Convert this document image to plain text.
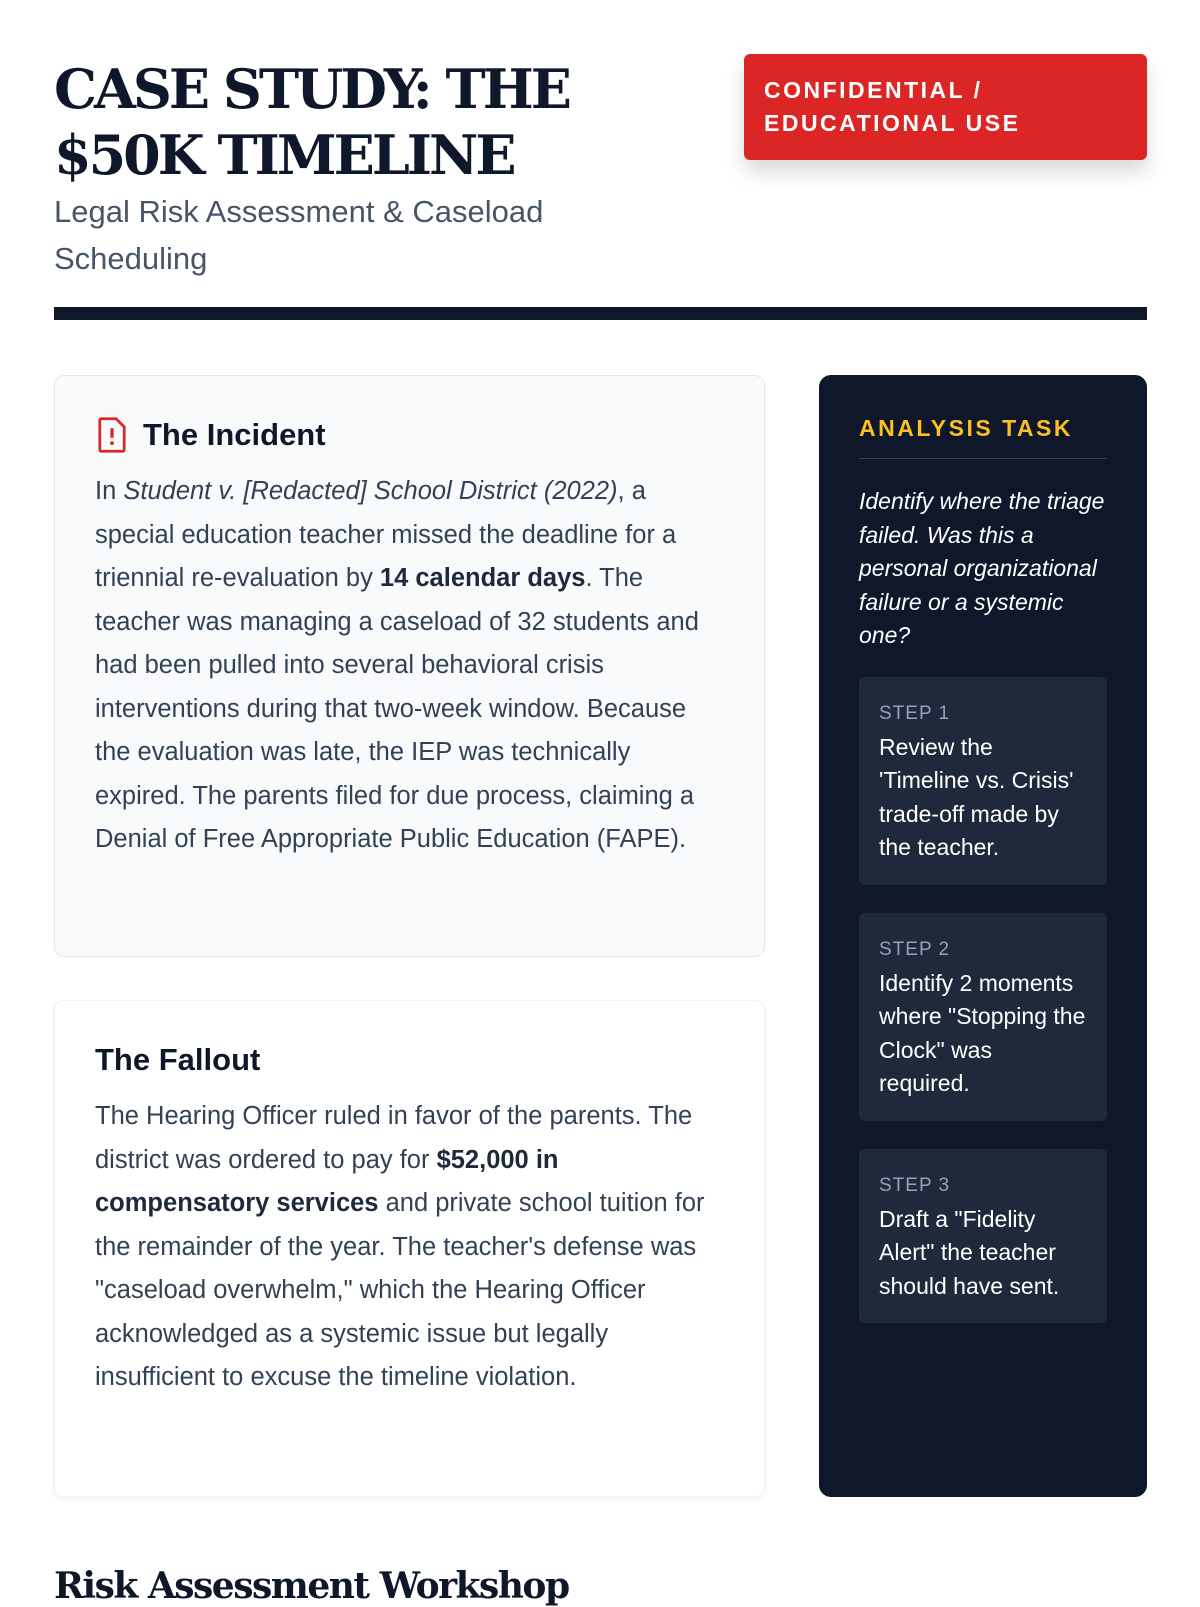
CASE STUDY: THE $50K TIMELINE
Legal Risk Assessment & Caseload Scheduling
CONFIDENTIAL / EDUCATIONAL USE
The Incident

In Student v. [Redacted] School District (2022), a special education teacher missed the deadline for a triennial re-evaluation by 14 calendar days. The teacher was managing a caseload of 32 students and had been pulled into several behavioral crisis interventions during that two-week window. Because the evaluation was late, the IEP was technically expired. The parents filed for due process, claiming a Denial of Free Appropriate Public Education (FAPE).

The Fallout

The Hearing Officer ruled in favor of the parents. The district was ordered to pay for $52,000 in compensatory services and private school tuition for the remainder of the year. The teacher's defense was "caseload overwhelm," which the Hearing Officer acknowledged as a systemic issue but legally insufficient to excuse the timeline violation.

ANALYSIS TASK
Identify where the triage failed. Was this a personal organizational failure or a systemic one?
STEP 1
Review the 'Timeline vs. Crisis' trade-off made by the teacher.
STEP 2
Identify 2 moments where "Stopping the Clock" was required.
STEP 3
Draft a "Fidelity Alert" the teacher should have sent.
Risk Assessment Workshop
